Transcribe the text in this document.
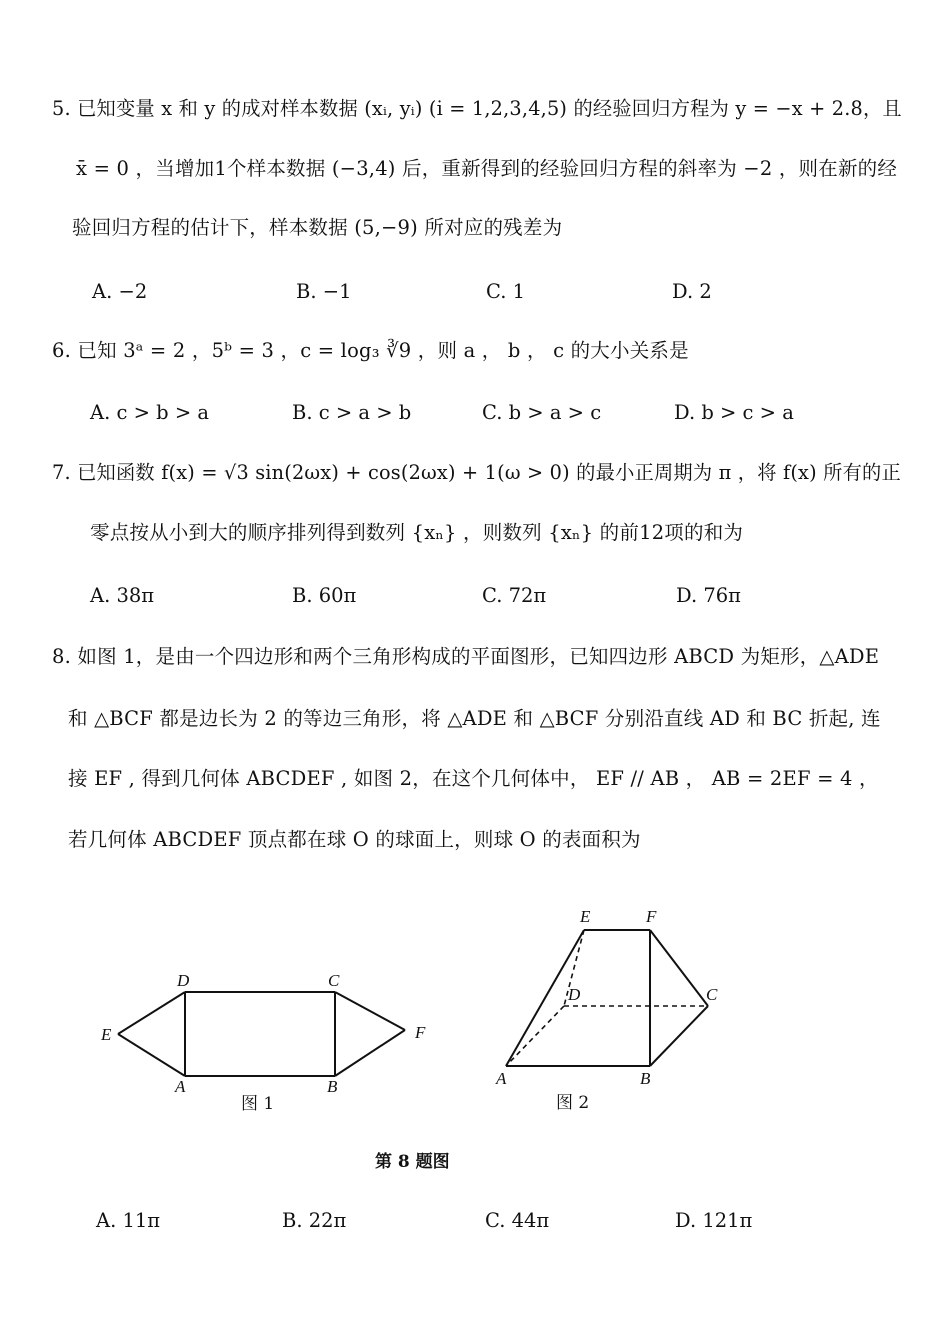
5. 已知变量 x 和 y 的成对样本数据 (xᵢ, yᵢ) (i = 1,2,3,4,5) 的经验回归方程为 y = −x + 2.8，且
x̄ = 0 ，当增加1个样本数据 (−3,4) 后，重新得到的经验回归方程的斜率为 −2 ，则在新的经
验回归方程的估计下，样本数据 (5,−9) 所对应的残差为
A. −2	B. −1	C. 1	D. 2
6. 已知 3ᵃ = 2 ，5ᵇ = 3 ，c = log₃ ∛9 ，则 a ， b ， c 的大小关系是
A. c > b > a	B. c > a > b	C. b > a > c	D. b > c > a
7. 已知函数 f(x) = √3 sin(2ωx) + cos(2ωx) + 1(ω > 0) 的最小正周期为 π ，将 f(x) 所有的正
零点按从小到大的顺序排列得到数列 {xₙ} ，则数列 {xₙ} 的前12项的和为
A. 38π	B. 60π	C. 72π	D. 76π
8. 如图 1，是由一个四边形和两个三角形构成的平面图形，已知四边形 ABCD 为矩形，△ADE
和 △BCF 都是边长为 2 的等边三角形，将 △ADE 和 △BCF 分别沿直线 AD 和 BC 折起, 连
接 EF , 得到几何体 ABCDEF , 如图 2，在这个几何体中， EF // AB ， AB = 2EF = 4 ，
若几何体 ABCDEF 顶点都在球 O 的球面上，则球 O 的表面积为
D	C
E	F
A	B
图 1
E	F
D	C
A	B
图 2
第 8 题图
A. 11π	B. 22π	C. 44π	D. 121π
